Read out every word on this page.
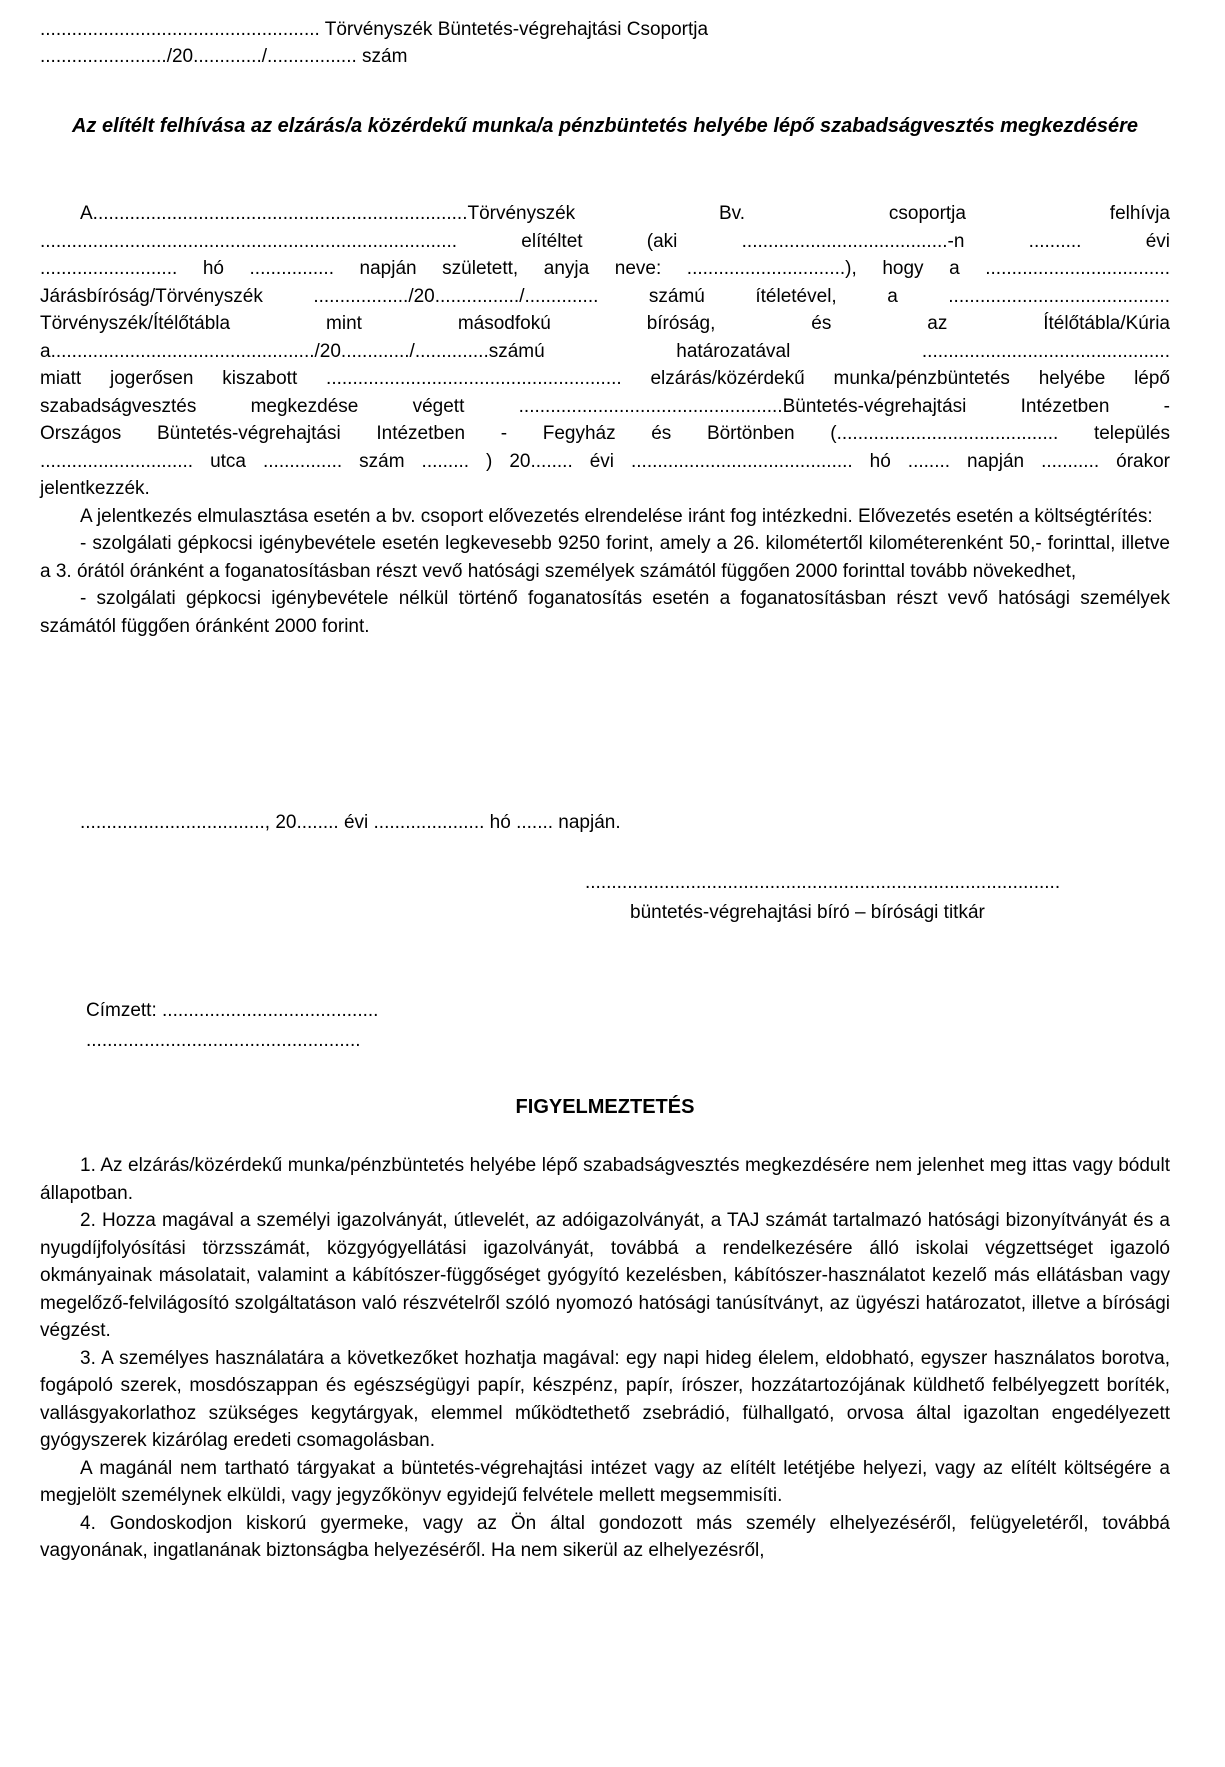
..................................................... Törvényszék Büntetés-végrehajtási Csoportja
......................../20............./................. szám
Az elítélt felhívása az elzárás/a közérdekű munka/a pénzbüntetés helyébe lépő szabadságvesztés megkezdésére
A.......................................................................Törvényszék Bv. csoportja felhívja
............................................................................... elítéltet (aki .......................................-n .......... évi
.......................... hó ................ napján született, anyja neve: ..............................), hogy a ...................................
Járásbíróság/Törvényszék ................../20................/.............. számú ítéletével, a ..........................................
Törvényszék/Ítélőtábla mint másodfokú bíróság, és az Ítélőtábla/Kúria
a................................................../20............./..............számú határozatával ...............................................
miatt jogerősen kiszabott ........................................................ elzárás/közérdekű munka/pénzbüntetés helyébe lépő
szabadságvesztés megkezdése végett ..................................................Büntetés-végrehajtási Intézetben -
Országos Büntetés-végrehajtási Intézetben - Fegyház és Börtönben (.......................................... település
............................. utca ............... szám ......... ) 20........ évi .......................................... hó ........ napján ........... órakor
jelentkezzék.
A jelentkezés elmulasztása esetén a bv. csoport elővezetés elrendelése iránt fog intézkedni. Elővezetés esetén a költségtérítés:
- szolgálati gépkocsi igénybevétele esetén legkevesebb 9250 forint, amely a 26. kilométertől kilométerenként 50,- forinttal, illetve a 3. órától óránként a foganatosításban részt vevő hatósági személyek számától függően 2000 forinttal tovább növekedhet,
- szolgálati gépkocsi igénybevétele nélkül történő foganatosítás esetén a foganatosításban részt vevő hatósági személyek számától függően óránként 2000 forint.
..................................., 20........ évi ..................... hó ....... napján.
..........................................................................................
büntetés-végrehajtási bíró – bírósági titkár
Címzett: .........................................
....................................................
FIGYELMEZTETÉS
1. Az elzárás/közérdekű munka/pénzbüntetés helyébe lépő szabadságvesztés megkezdésére nem jelenhet meg ittas vagy bódult állapotban.
2. Hozza magával a személyi igazolványát, útlevelét, az adóigazolványát, a TAJ számát tartalmazó hatósági bizonyítványát és a nyugdíjfolyósítási törzsszámát, közgyógyellátási igazolványát, továbbá a rendelkezésére álló iskolai végzettséget igazoló okmányainak másolatait, valamint a kábítószer-függőséget gyógyító kezelésben, kábítószer-használatot kezelő más ellátásban vagy megelőző-felvilágosító szolgáltatáson való részvételről szóló nyomozó hatósági tanúsítványt, az ügyészi határozatot, illetve a bírósági végzést.
3. A személyes használatára a következőket hozhatja magával: egy napi hideg élelem, eldobható, egyszer használatos borotva, fogápoló szerek, mosdószappan és egészségügyi papír, készpénz, papír, írószer, hozzátartozójának küldhető felbélyegzett boríték, vallásgyakorlathoz szükséges kegytárgyak, elemmel működtethető zsebrádió, fülhallgató, orvosa által igazoltan engedélyezett gyógyszerek kizárólag eredeti csomagolásban.
A magánál nem tartható tárgyakat a büntetés-végrehajtási intézet vagy az elítélt letétjébe helyezi, vagy az elítélt költségére a megjelölt személynek elküldi, vagy jegyzőkönyv egyidejű felvétele mellett megsemmisíti.
4. Gondoskodjon kiskorú gyermeke, vagy az Ön által gondozott más személy elhelyezéséről, felügyeletéről, továbbá vagyonának, ingatlanának biztonságba helyezéséről. Ha nem sikerül az elhelyezésről,
